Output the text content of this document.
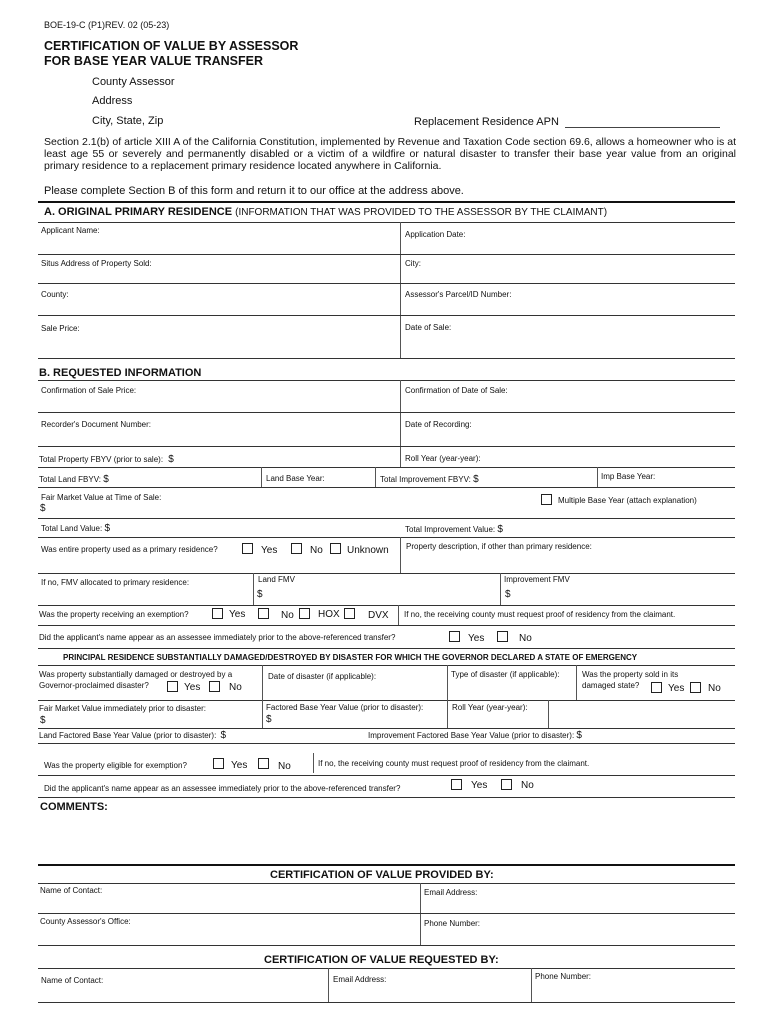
BOE-19-C (P1)REV. 02 (05-23)
CERTIFICATION OF VALUE BY ASSESSOR
FOR BASE YEAR VALUE TRANSFER
County Assessor
Address
City, State, Zip	Replacement Residence APN
Section 2.1(b) of article XIII A of the California Constitution, implemented by Revenue and Taxation Code section 69.6, allows a homeowner who is at least age 55 or severely and permanently disabled or a victim of a wildfire or natural disaster to transfer their base year value from an original primary residence to a replacement primary residence located anywhere in California.
Please complete Section B of this form and return it to our office at the address above.
A. ORIGINAL PRIMARY RESIDENCE (INFORMATION THAT WAS PROVIDED TO THE ASSESSOR BY THE CLAIMANT)
Applicant Name:	Application Date:
Situs Address of Property Sold:	City:
County:	Assessor's Parcel/ID Number:
Sale Price:	Date of Sale:
B. REQUESTED INFORMATION
Confirmation of Sale Price:	Confirmation of Date of Sale:
Recorder's Document Number:	Date of Recording:
Total Property FBYV (prior to sale): $	Roll Year (year-year):
Total Land FBYV: $	Land Base Year:	Total Improvement FBYV: $	Imp Base Year:
Fair Market Value at Time of Sale:
$
Multiple Base Year (attach explanation)
Total Land Value: $	Total Improvement Value: $
Was entire property used as a primary residence?	Yes	No Unknown Property description, if other than primary residence:
If no, FMV allocated to primary residence:	Land FMV
$
Improvement FMV
$
Was the property receiving an exemption?	Yes	No HOX	DVX If no, the receiving county must request proof of residency from the claimant.
Did the applicant's name appear as an assessee immediately prior to the above-referenced transfer?	Yes	No
PRINCIPAL RESIDENCE SUBSTANTIALLY DAMAGED/DESTROYED BY DISASTER FOR WHICH THE GOVERNOR DECLARED A STATE OF EMERGENCY
Was property substantially damaged or destroyed by a
Governor-proclaimed disaster?	Yes	No
Date of disaster (if applicable):	Type of disaster (if applicable):	Was the property sold in its
damaged state?	Yes No
Fair Market Value immediately prior to disaster:
$
Factored Base Year Value (prior to disaster):
$
Roll Year (year-year):
Land Factored Base Year Value (prior to disaster): $	Improvement Factored Base Year Value (prior to disaster): $
Was the property eligible for exemption?	Yes	No	If no, the receiving county must request proof of residency from the claimant.
Did the applicant's name appear as an assessee immediately prior to the above-referenced transfer?	Yes	No
COMMENTS:
CERTIFICATION OF VALUE PROVIDED BY:
Name of Contact:	Email Address:
County Assessor's Office:	Phone Number:
CERTIFICATION OF VALUE REQUESTED BY:
Name of Contact:	Email Address:	Phone Number:
